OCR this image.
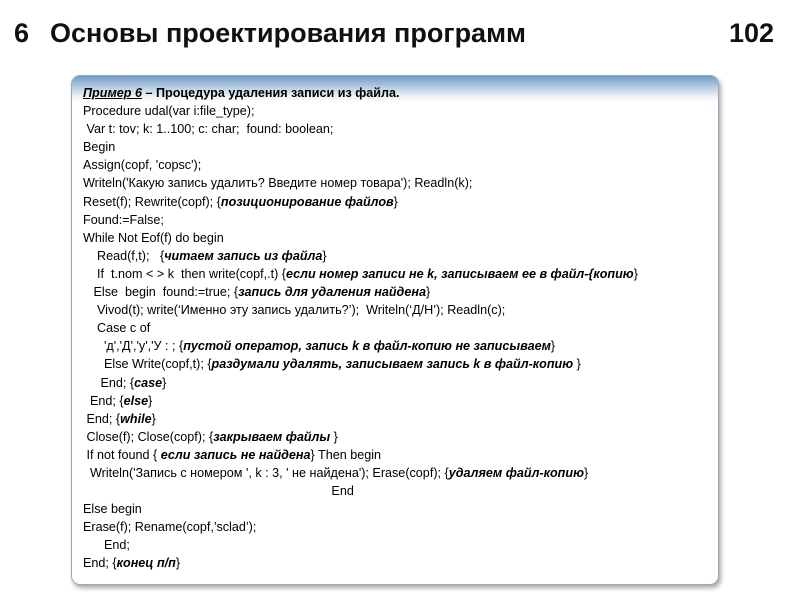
6 Основы проектирования программ	102
Пример 6 – Процедура удаления записи из файла.
Procedure udal(var i:file_type);
Var t: tov; k: 1..100; c: char;  found: boolean;
Begin
Assign(copf, 'copsc');
Writeln('Какую запись удалить? Введите номер товара'); Readln(k);
Reset(f); Rewrite(copf); {позиционирование файлов}
Found:=False;
While Not Eof(f) do begin
Read(f,t);   {читаем запись из файла}
If  t.nom < > k  then write(copf,.t) {если номер записи не k, записываем ее в файл-{копию}
Else  begin  found:=true; {запись для удаления найдена}
Vivod(t); write(‘Именно эту запись удалить?’);  Writeln(‘Д/Н’); Readln(c);
Case c of
'д','Д','у','У : ; {пустой оператор, запись k в файл-копию не записываем}
Else Write(copf,t); {раздумали удалять, записываем запись k в файл-копию }
End; {case}
End; {else}
End; {while}
Close(f); Close(copf); {закрываем файлы }
If not found { если запись не найдена} Then begin
Writeln('Запись с номером ', k : 3, ' не найдена'); Erase(copf); {удаляем файл-копию}
End
Else begin
Erase(f); Rename(copf,’sclad’);
End;
End; {конец п/п}
